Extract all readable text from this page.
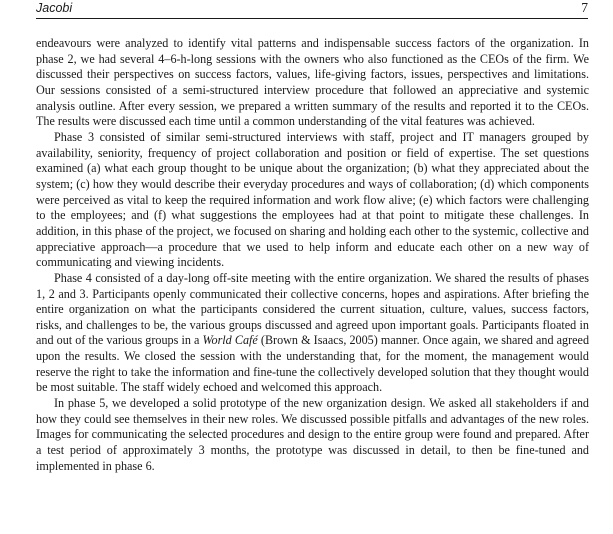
Jacobi	7

endeavours were analyzed to identify vital patterns and indispensable success factors of the organization. In phase 2, we had several 4–6-h-long sessions with the owners who also functioned as the CEOs of the firm. We discussed their perspectives on success factors, values, life-giving factors, issues, perspectives and limitations. Our sessions consisted of a semi-structured interview procedure that followed an appreciative and systemic analysis outline. After every session, we prepared a written summary of the results and reported it to the CEOs. The results were discussed each time until a common understanding of the vital features was achieved.

Phase 3 consisted of similar semi-structured interviews with staff, project and IT managers grouped by availability, seniority, frequency of project collaboration and position or field of expertise. The set questions examined (a) what each group thought to be unique about the organization; (b) what they appreciated about the system; (c) how they would describe their everyday procedures and ways of collaboration; (d) which components were perceived as vital to keep the required information and work flow alive; (e) which factors were challenging to the employees; and (f) what suggestions the employees had at that point to mitigate these challenges. In addition, in this phase of the project, we focused on sharing and holding each other to the systemic, collective and appreciative approach—a procedure that we used to help inform and educate each other on a new way of communicating and viewing incidents.

Phase 4 consisted of a day-long off-site meeting with the entire organization. We shared the results of phases 1, 2 and 3. Participants openly communicated their collective concerns, hopes and aspirations. After briefing the entire organization on what the participants considered the current situation, culture, values, success factors, risks, and challenges to be, the various groups discussed and agreed upon important goals. Participants floated in and out of the various groups in a World Café (Brown & Isaacs, 2005) manner. Once again, we shared and agreed upon the results. We closed the session with the understanding that, for the moment, the management would reserve the right to take the information and fine-tune the collectively developed solution that they thought would be most suitable. The staff widely echoed and welcomed this approach.

In phase 5, we developed a solid prototype of the new organization design. We asked all stakeholders if and how they could see themselves in their new roles. We discussed possible pitfalls and advantages of the new roles. Images for communicating the selected procedures and design to the entire group were found and prepared. After a test period of approximately 3 months, the prototype was discussed in detail, to then be fine-tuned and implemented in phase 6.
